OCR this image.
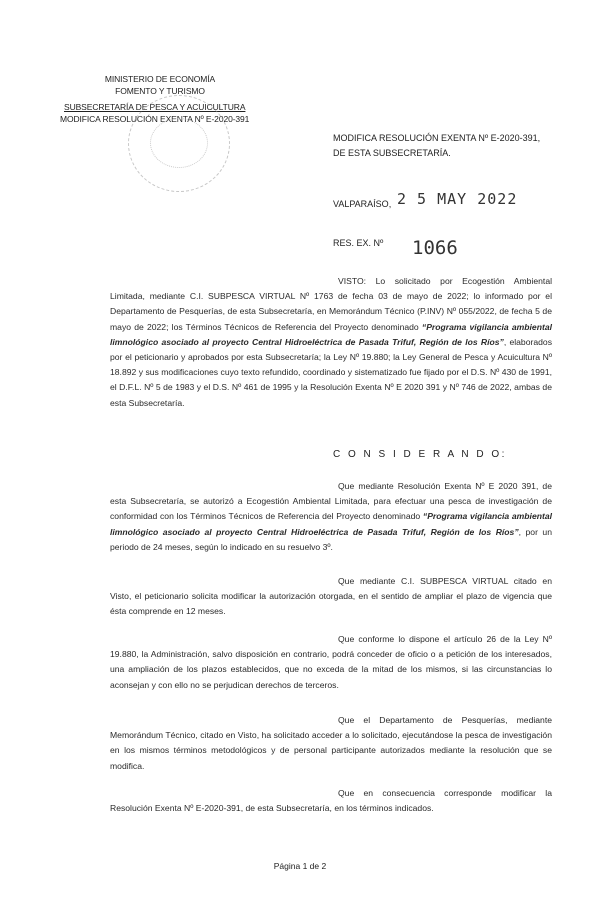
MINISTERIO DE ECONOMÍA
FOMENTO Y TURISMO
SUBSECRETARÍA DE PESCA Y ACUICULTURA
MODIFICA RESOLUCIÓN EXENTA Nº E-2020-391
MODIFICA RESOLUCIÓN EXENTA Nº E-2020-391,
DE ESTA SUBSECRETARÍA.
VALPARAÍSO, 2 5 MAY 2022
RES. EX. Nº 1066
VISTO: Lo solicitado por Ecogestión Ambiental Limitada, mediante C.I. SUBPESCA VIRTUAL Nº 1763 de fecha 03 de mayo de 2022; lo informado por el Departamento de Pesquerías, de esta Subsecretaría, en Memorándum Técnico (P.INV) Nº 055/2022, de fecha 5 de mayo de 2022; los Términos Técnicos de Referencia del Proyecto denominado “Programa vigilancia ambiental limnológico asociado al proyecto Central Hidroeléctrica de Pasada Trifuf, Región de los Ríos”, elaborados por el peticionario y aprobados por esta Subsecretaría; la Ley Nº 19.880; la Ley General de Pesca y Acuicultura Nº 18.892 y sus modificaciones cuyo texto refundido, coordinado y sistematizado fue fijado por el D.S. Nº 430 de 1991, el D.F.L. Nº 5 de 1983 y el D.S. Nº 461 de 1995 y la Resolución Exenta Nº E 2020 391 y Nº 746 de 2022, ambas de esta Subsecretaría.
C O N S I D E R A N D O:
Que mediante Resolución Exenta Nº E 2020 391, de esta Subsecretaría, se autorizó a Ecogestión Ambiental Limitada, para efectuar una pesca de investigación de conformidad con los Términos Técnicos de Referencia del Proyecto denominado “Programa vigilancia ambiental limnológico asociado al proyecto Central Hidroeléctrica de Pasada Trifuf, Región de los Ríos”, por un periodo de 24 meses, según lo indicado en su resuelvo 3º.
Que mediante C.I. SUBPESCA VIRTUAL citado en Visto, el peticionario solicita modificar la autorización otorgada, en el sentido de ampliar el plazo de vigencia que ésta comprende en 12 meses.
Que conforme lo dispone el artículo 26 de la Ley Nº 19.880, la Administración, salvo disposición en contrario, podrá conceder de oficio o a petición de los interesados, una ampliación de los plazos establecidos, que no exceda de la mitad de los mismos, si las circunstancias lo aconsejan y con ello no se perjudican derechos de terceros.
Que el Departamento de Pesquerías, mediante Memorándum Técnico, citado en Visto, ha solicitado acceder a lo solicitado, ejecutándose la pesca de investigación en los mismos términos metodológicos y de personal participante autorizados mediante la resolución que se modifica.
Que en consecuencia corresponde modificar la Resolución Exenta Nº E-2020-391, de esta Subsecretaría, en los términos indicados.
Página 1 de 2
